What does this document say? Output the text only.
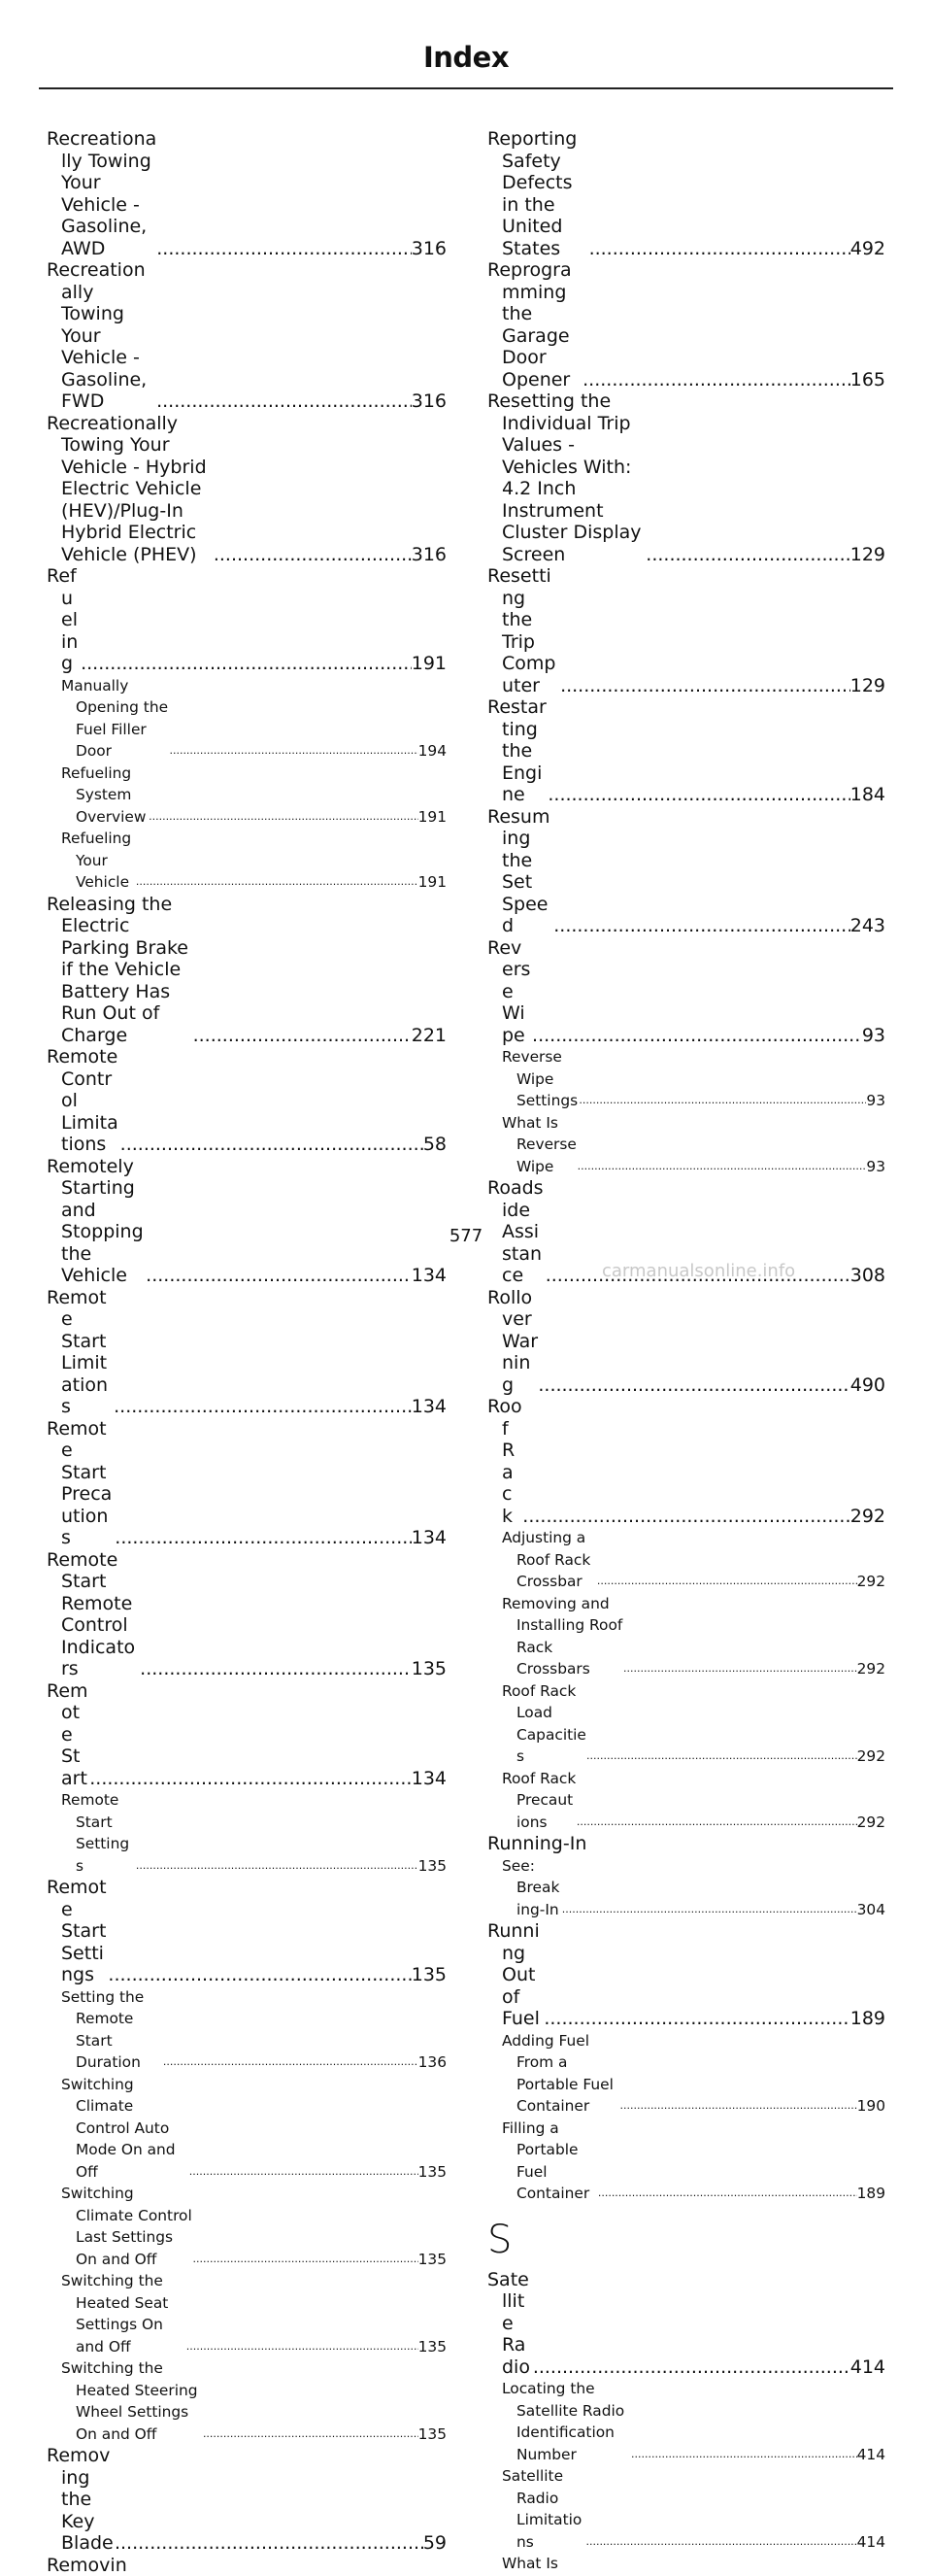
Index
Recreationally Towing Your Vehicle - Gasoline, AWD .....	316
Recreationally Towing Your Vehicle - Gasoline, FWD .....	316
Recreationally Towing Your Vehicle - Hybrid Electric Vehicle (HEV)/Plug-In Hybrid Electric Vehicle (PHEV) .....	316
Refueling .....	191
Manually Opening the Fuel Filler Door .....	194
Refueling System Overview .....	191
Refueling Your Vehicle .....	191
Releasing the Electric Parking Brake if the Vehicle Battery Has Run Out of Charge .....	221
Remote Control Limitations .....	58
Remotely Starting and Stopping the Vehicle .....	134
Remote Start Limitations .....	134
Remote Start Precautions .....	134
Remote Start Remote Control Indicators .....	135
Remote Start .....	134
Remote Start Settings .....	135
Remote Start Settings .....	135
Setting the Remote Start Duration .....	136
Switching Climate Control Auto Mode On and Off .....	135
Switching Climate Control Last Settings On and Off .....	135
Switching the Heated Seat Settings On and Off .....	135
Switching the Heated Steering Wheel Settings On and Off .....	135
Removing the Key Blade .....	59
Removin
Reporting Safety Defects in the United States .....	492
Reprogramming the Garage Door Opener .....	165
Resetting the Individual Trip Values - Vehicles With: 4.2 Inch Instrument Cluster Display Screen .....	129
Resetting the Trip Computer .....	129
Restarting the Engine .....	184
Resuming the Set Speed .....	243
Reverse Wipe .....	93
Reverse Wipe Settings .....	93
What Is Reverse Wipe .....	93
Roadside Assistance .....	308
Rollover Warning .....	490
Roof Rack .....	292
Adjusting a Roof Rack Crossbar .....	292
Removing and Installing Roof Rack Crossbars .....	292
Roof Rack Load Capacities .....	292
Roof Rack Precautions .....	292
Running-In
See: Breaking-In .....	304
Running Out of Fuel .....	189
Adding Fuel From a Portable Fuel Container .....	190
Filling a Portable Fuel Container .....	189
S
Satellite Radio .....	414
Locating the Satellite Radio Identification Number .....	414
Satellite Radio Limitations .....	414
What Is
577
carmanualsonline.info
